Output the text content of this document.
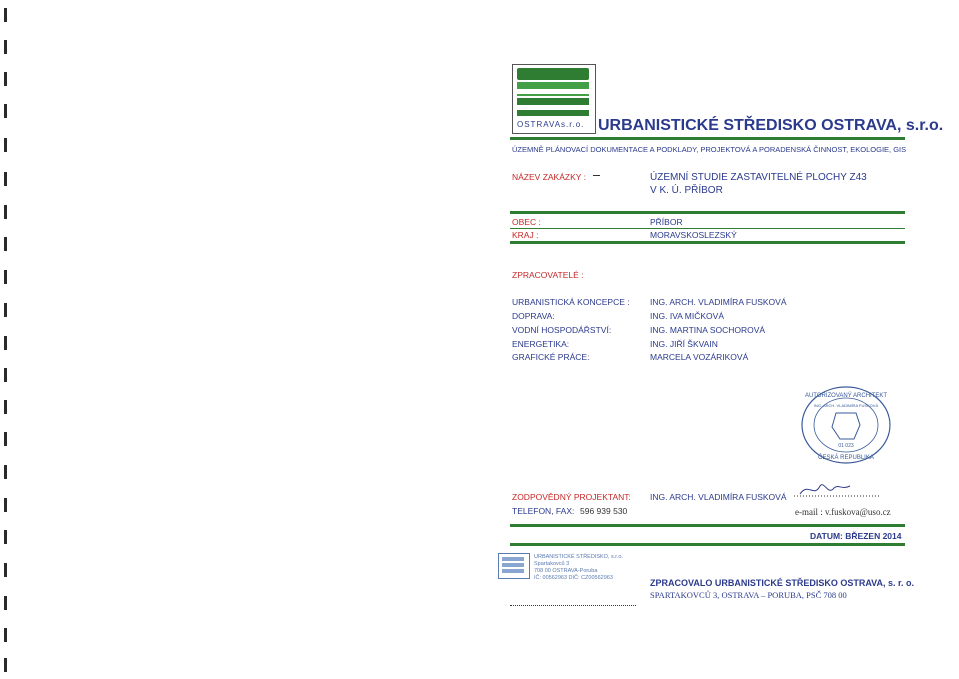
OSTRAVAs.r.o. URBANISTICKÉ STŘEDISKO OSTRAVA, s.r.o.
ÚZEMNĚ PLÁNOVACÍ DOKUMENTACE A PODKLADY, PROJEKTOVÁ A PORADENSKÁ ČINNOST, EKOLOGIE, GIS
NÁZEV ZAKÁZKY :	ÚZEMNÍ STUDIE ZASTAVITELNÉ PLOCHY Z43
V K. Ú. PŘÍBOR
OBEC :	PŘÍBOR
KRAJ :	MORAVSKOSLEZSKÝ
ZPRACOVATELÉ :
URBANISTICKÁ KONCEPCE : ING. ARCH. VLADIMÍRA FUSKOVÁ
DOPRAVA:	ING. IVA MIČKOVÁ
VODNÍ HOSPODÁŘSTVÍ:	ING. MARTINA SOCHOROVÁ
ENERGETIKA:	ING. JIŘÍ ŠKVAIN
GRAFICKÉ PRÁCE:	MARCELA VOZÁRIKOVÁ
AUTORIZOVANÝ ARCHITEKT
ING. ARCH. VLADIMÍRA FUSKOVÁ
01 023
ČESKÁ REPUBLIKA
ZODPOVĚDNÝ PROJEKTANT: ING. ARCH. VLADIMÍRA FUSKOVÁ
TELEFON, FAX: 596 939 530	e-mail : v.fuskova@uso.cz
DATUM: BŘEZEN 2014
URBANISTICKÉ STŘEDISKO, s.r.o.
Spartakovců 3
708 00 OSTRAVA-Poruba
IČ: 00562963 DIČ: CZ00562963	ZPRACOVALO URBANISTICKÉ STŘEDISKO OSTRAVA, s. r. o.
SPARTAKOVCŮ 3, OSTRAVA – PORUBA, PSČ 708 00
